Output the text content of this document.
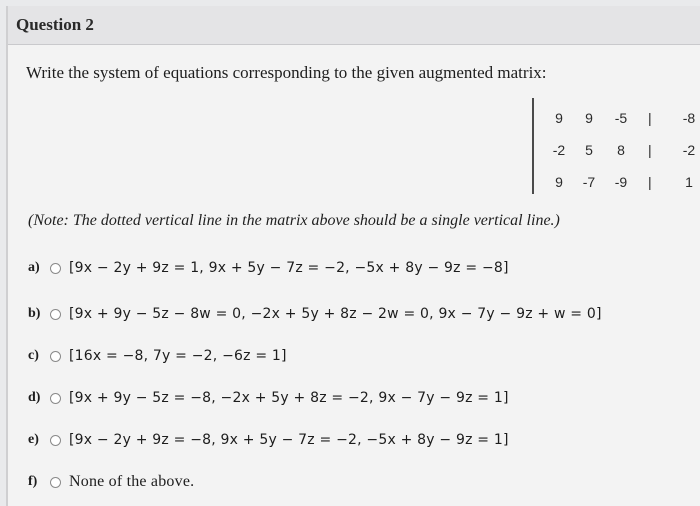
Question 2
Write the system of equations corresponding to the given augmented matrix:
9	9	-5	|	-8
-2	5	8	|	-2
9	-7	-9	|	1
(Note: The dotted vertical line in the matrix above should be a single vertical line.)
a)	[9x − 2y + 9z = 1, 9x + 5y − 7z = −2, −5x + 8y − 9z = −8]
b)	[9x + 9y − 5z − 8w = 0, −2x + 5y + 8z − 2w = 0, 9x − 7y − 9z + w = 0]
c)	[16x = −8, 7y = −2, −6z = 1]
d)	[9x + 9y − 5z = −8, −2x + 5y + 8z = −2, 9x − 7y − 9z = 1]
e)	[9x − 2y + 9z = −8, 9x + 5y − 7z = −2, −5x + 8y − 9z = 1]
f)	None of the above.
